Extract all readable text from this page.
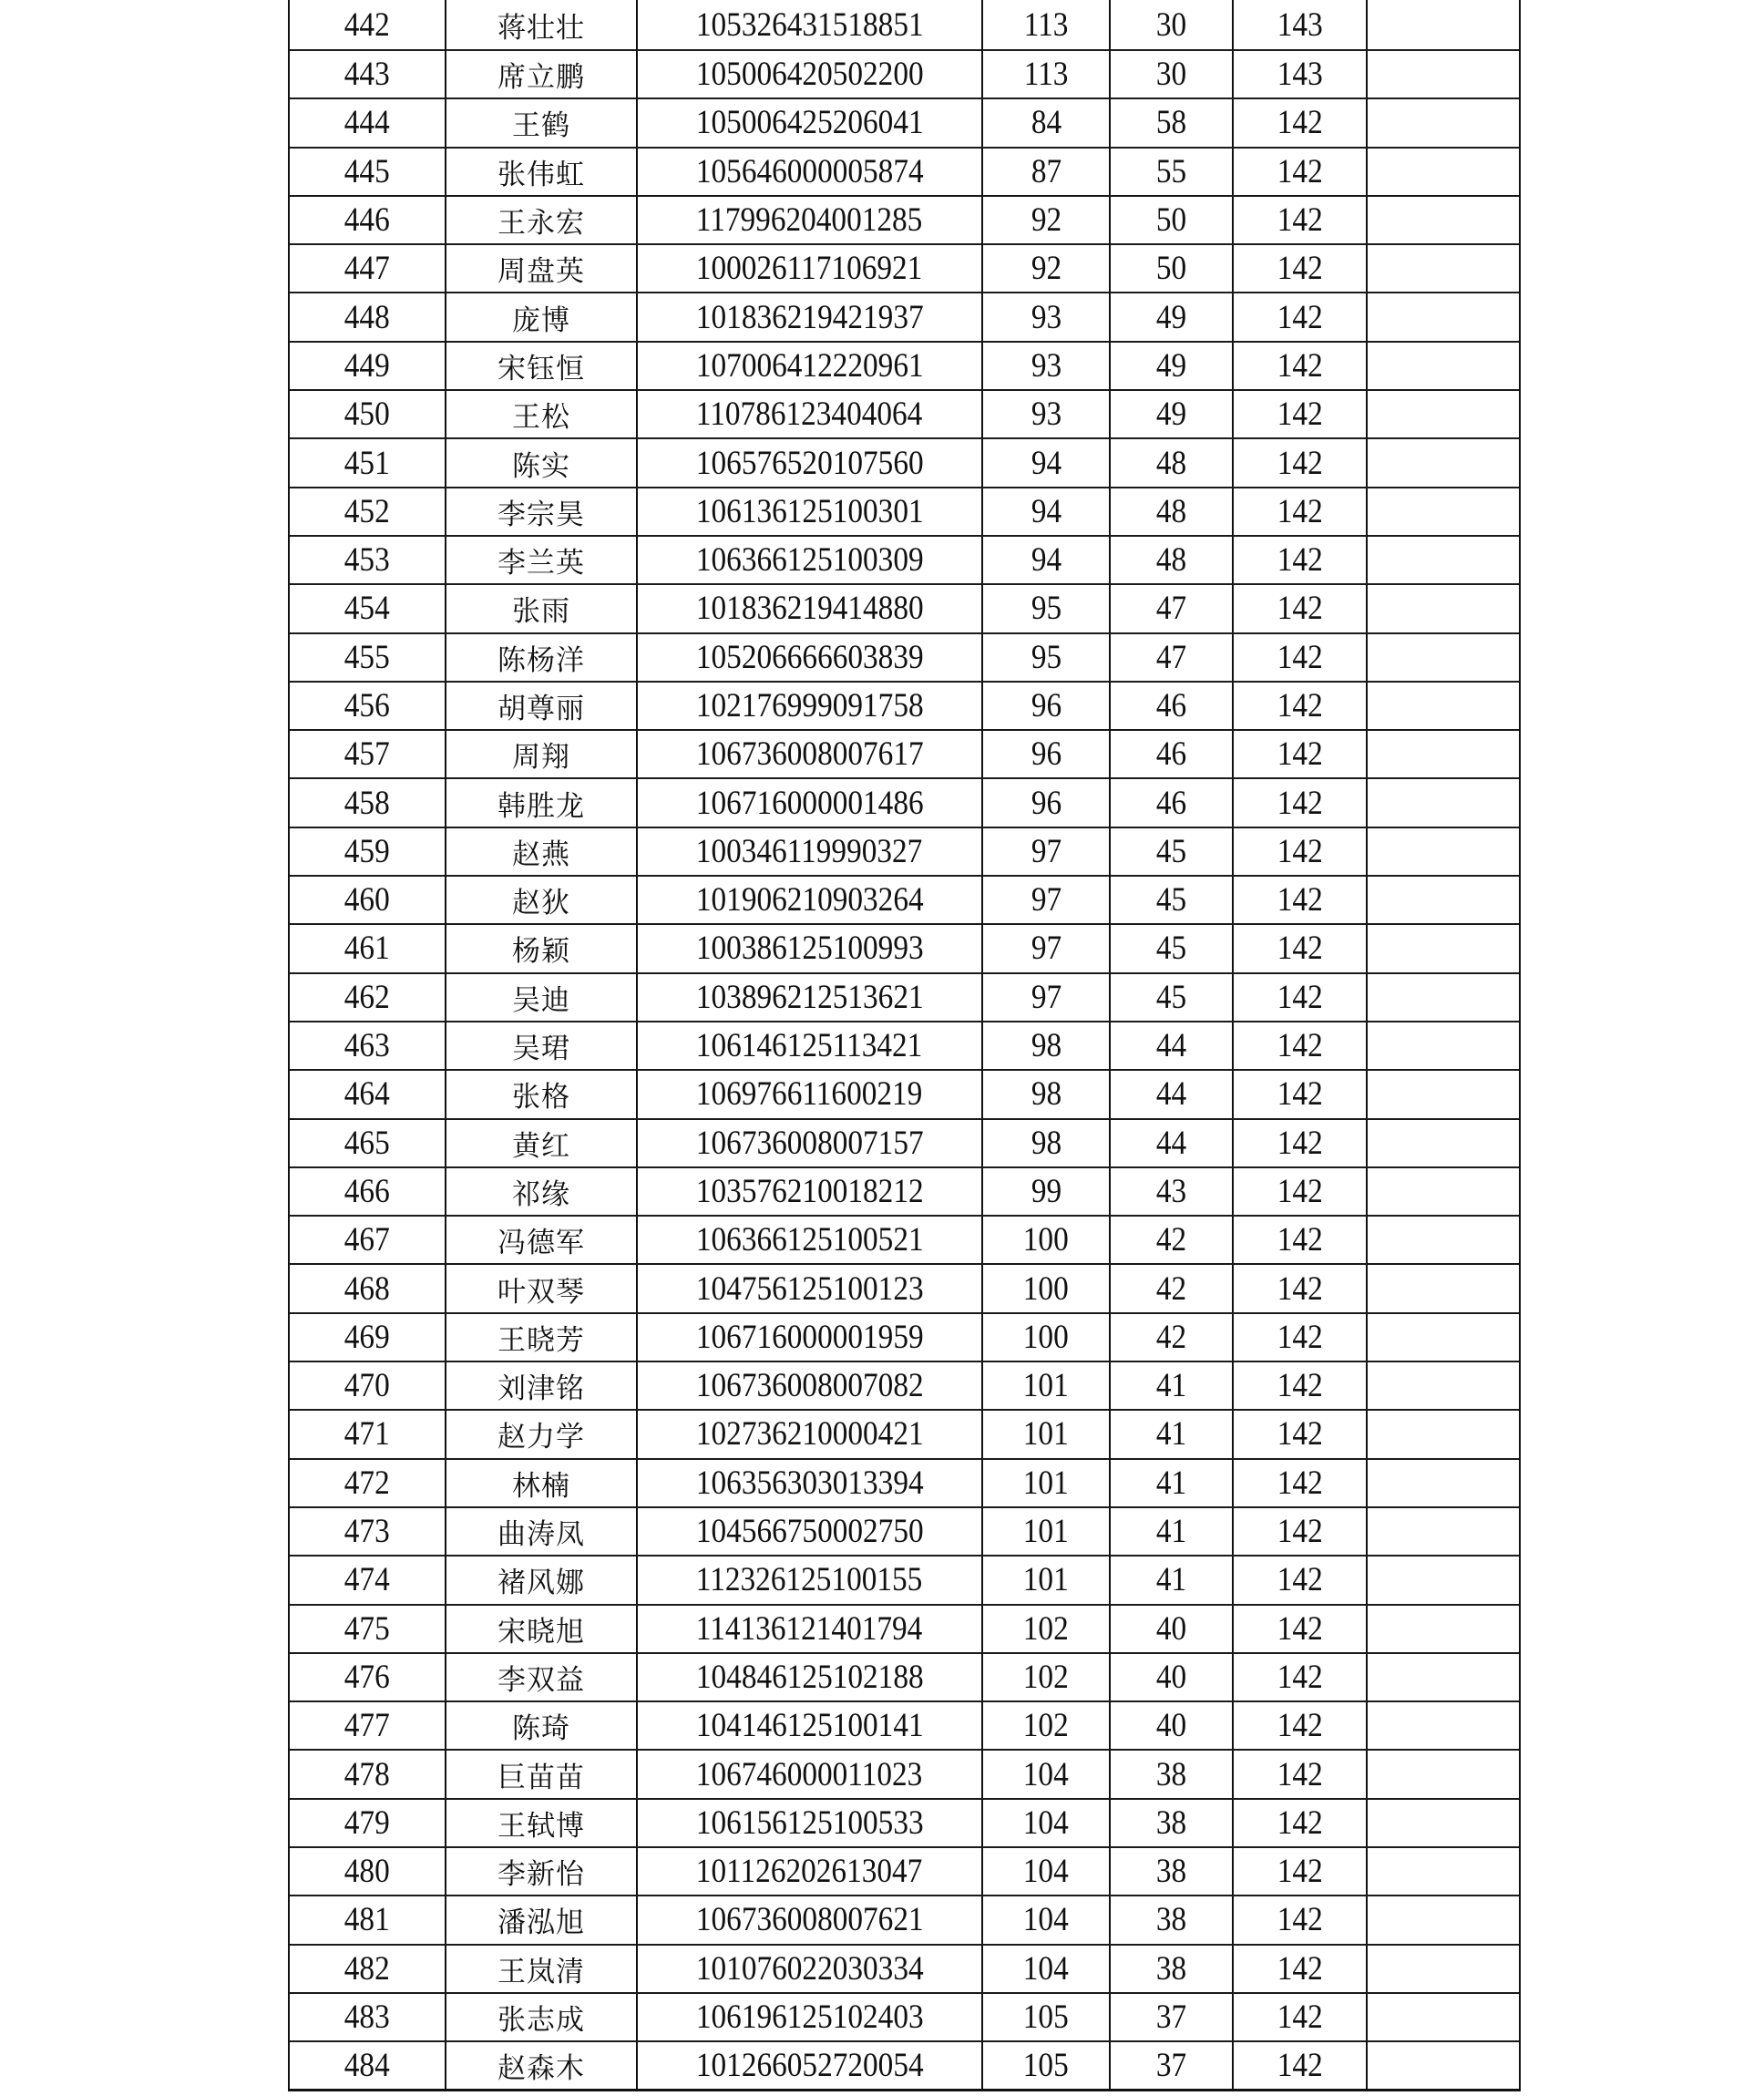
442	蒋壮壮	105326431518851	113	30	143
443	席立鹏	105006420502200	113	30	143
444	王鹤	105006425206041	84	58	142
445	张伟虹	105646000005874	87	55	142
446	王永宏	117996204001285	92	50	142
447	周盘英	100026117106921	92	50	142
448	庞博	101836219421937	93	49	142
449	宋钰恒	107006412220961	93	49	142
450	王松	110786123404064	93	49	142
451	陈实	106576520107560	94	48	142
452	李宗昊	106136125100301	94	48	142
453	李兰英	106366125100309	94	48	142
454	张雨	101836219414880	95	47	142
455	陈杨洋	105206666603839	95	47	142
456	胡尊丽	102176999091758	96	46	142
457	周翔	106736008007617	96	46	142
458	韩胜龙	106716000001486	96	46	142
459	赵燕	100346119990327	97	45	142
460	赵狄	101906210903264	97	45	142
461	杨颖	100386125100993	97	45	142
462	吴迪	103896212513621	97	45	142
463	吴珺	106146125113421	98	44	142
464	张格	106976611600219	98	44	142
465	黄红	106736008007157	98	44	142
466	祁缘	103576210018212	99	43	142
467	冯德军	106366125100521	100	42	142
468	叶双琴	104756125100123	100	42	142
469	王晓芳	106716000001959	100	42	142
470	刘津铭	106736008007082	101	41	142
471	赵力学	102736210000421	101	41	142
472	林楠	106356303013394	101	41	142
473	曲涛凤	104566750002750	101	41	142
474	褚风娜	112326125100155	101	41	142
475	宋晓旭	114136121401794	102	40	142
476	李双益	104846125102188	102	40	142
477	陈琦	104146125100141	102	40	142
478	巨苗苗	106746000011023	104	38	142
479	王轼博	106156125100533	104	38	142
480	李新怡	101126202613047	104	38	142
481	潘泓旭	106736008007621	104	38	142
482	王岚清	101076022030334	104	38	142
483	张志成	106196125102403	105	37	142
484	赵森木	101266052720054	105	37	142
